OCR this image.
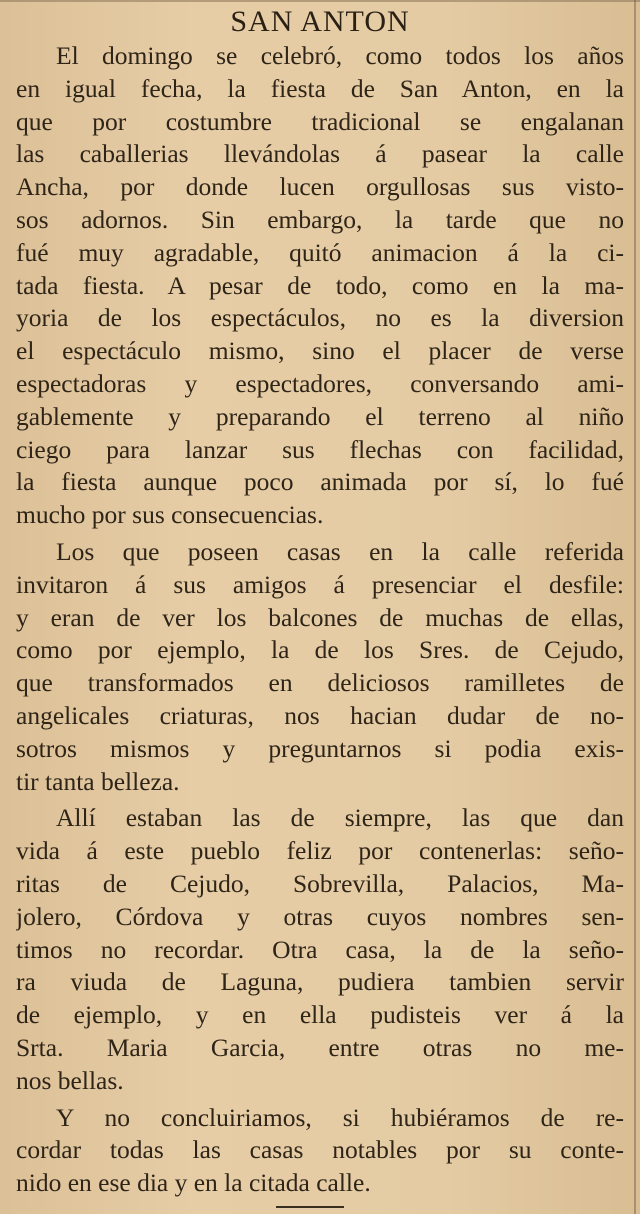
SAN ANTON
El domingo se celebró, como todos los años
en igual fecha, la fiesta de San Anton, en la
que por costumbre tradicional se engalanan
las caballerias llevándolas á pasear la calle
Ancha, por donde lucen orgullosas sus visto-
sos adornos. Sin embargo, la tarde que no
fué muy agradable, quitó animacion á la ci-
tada fiesta. A pesar de todo, como en la ma-
yoria de los espectáculos, no es la diversion
el espectáculo mismo, sino el placer de verse
espectadoras y espectadores, conversando ami-
gablemente y preparando el terreno al niño
ciego para lanzar sus flechas con facilidad,
la fiesta aunque poco animada por sí, lo fué
mucho por sus consecuencias.
Los que poseen casas en la calle referida
invitaron á sus amigos á presenciar el desfile:
y eran de ver los balcones de muchas de ellas,
como por ejemplo, la de los Sres. de Cejudo,
que transformados en deliciosos ramilletes de
angelicales criaturas, nos hacian dudar de no-
sotros mismos y preguntarnos si podia exis-
tir tanta belleza.
Allí estaban las de siempre, las que dan
vida á este pueblo feliz por contenerlas: seño-
ritas de Cejudo, Sobrevilla, Palacios, Ma-
jolero, Córdova y otras cuyos nombres sen-
timos no recordar. Otra casa, la de la seño-
ra viuda de Laguna, pudiera tambien servir
de ejemplo, y en ella pudisteis ver á la
Srta. Maria Garcia, entre otras no me-
nos bellas.
Y no concluiriamos, si hubiéramos de re-
cordar todas las casas notables por su conte-
nido en ese dia y en la citada calle.
